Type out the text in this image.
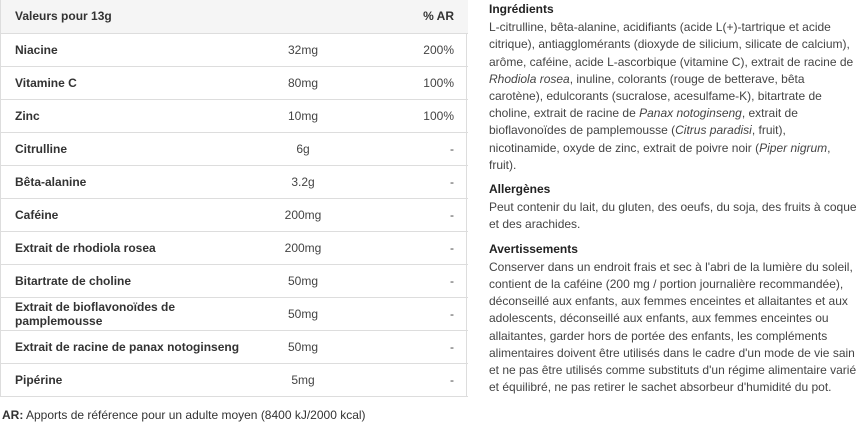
Valeurs pour 13g		% AR
Niacine	32mg	200%
Vitamine C	80mg	100%
Zinc	10mg	100%
Citrulline	6g	-
Bêta-alanine	3.2g	-
Caféine	200mg	-
Extrait de rhodiola rosea	200mg	-
Bitartrate de choline	50mg	-
Extrait de bioflavonoïdes de pamplemousse	50mg	-
Extrait de racine de panax notoginseng	50mg	-
Pipérine	5mg	-
AR: Apports de référence pour un adulte moyen (8400 kJ/2000 kcal)
Ingrédients

L-citrulline, bêta-alanine, acidifiants (acide L(+)-tartrique et acide citrique), antiagglomérants (dioxyde de silicium, silicate de calcium), arôme, caféine, acide L-ascorbique (vitamine C), extrait de racine de Rhodiola rosea, inuline, colorants (rouge de betterave, bêta carotène), edulcorants (sucralose, acesulfame-K), bitartrate de choline, extrait de racine de Panax notoginseng, extrait de bioflavonoïdes de pamplemousse (Citrus paradisi, fruit), nicotinamide, oxyde de zinc, extrait de poivre noir (Piper nigrum, fruit).

Allergènes

Peut contenir du lait, du gluten, des oeufs, du soja, des fruits à coque et des arachides.

Avertissements

Conserver dans un endroit frais et sec à l'abri de la lumière du soleil, contient de la caféine (200 mg / portion journalière recommandée), déconseillé aux enfants, aux femmes enceintes et allaitantes et aux adolescents, déconseillé aux enfants, aux femmes enceintes ou allaitantes, garder hors de portée des enfants, les compléments alimentaires doivent être utilisés dans le cadre d'un mode de vie sain et ne pas être utilisés comme substituts d'un régime alimentaire varié et équilibré, ne pas retirer le sachet absorbeur d'humidité du pot.
